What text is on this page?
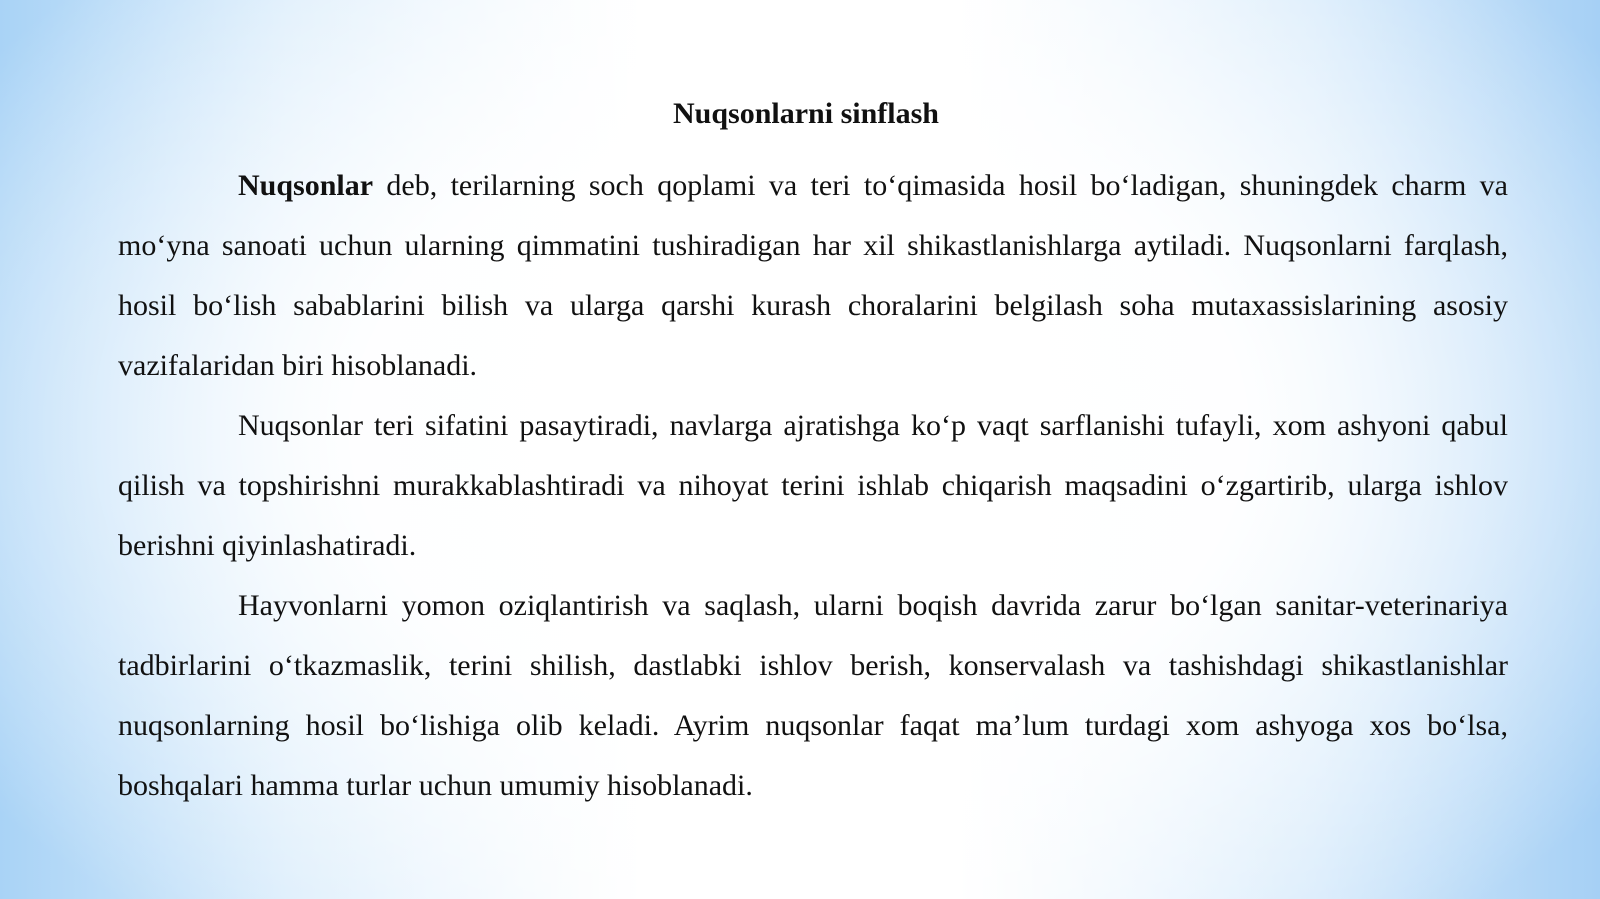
Nuqsonlarni sinflash

Nuqsonlar deb, terilarning soch qoplami va teri to‘qimasida hosil bo‘ladigan, shuningdek charm va mo‘yna sanoati uchun ularning qimmatini tushiradigan har xil shikastlanishlarga aytiladi. Nuqsonlarni farqlash, hosil bo‘lish sabablarini bilish va ularga qarshi kurash choralarini belgilash soha mutaxassislarining asosiy vazifalaridan biri hisoblanadi.

Nuqsonlar teri sifatini pasaytiradi, navlarga ajratishga ko‘p vaqt sarflanishi tufayli, xom ashyoni qabul qilish va topshirishni murakkablashtiradi va nihoyat terini ishlab chiqarish maqsadini o‘zgartirib, ularga ishlov berishni qiyinlashatiradi.

Hayvonlarni yomon oziqlantirish va saqlash, ularni boqish davrida zarur bo‘lgan sanitar-veterinariya tadbirlarini o‘tkazmaslik, terini shilish, dastlabki ishlov berish, konservalash va tashishdagi shikastlanishlar nuqsonlarning hosil bo‘lishiga olib keladi. Ayrim nuqsonlar faqat ma’lum turdagi xom ashyoga xos bo‘lsa, boshqalari hamma turlar uchun umumiy hisoblanadi.
